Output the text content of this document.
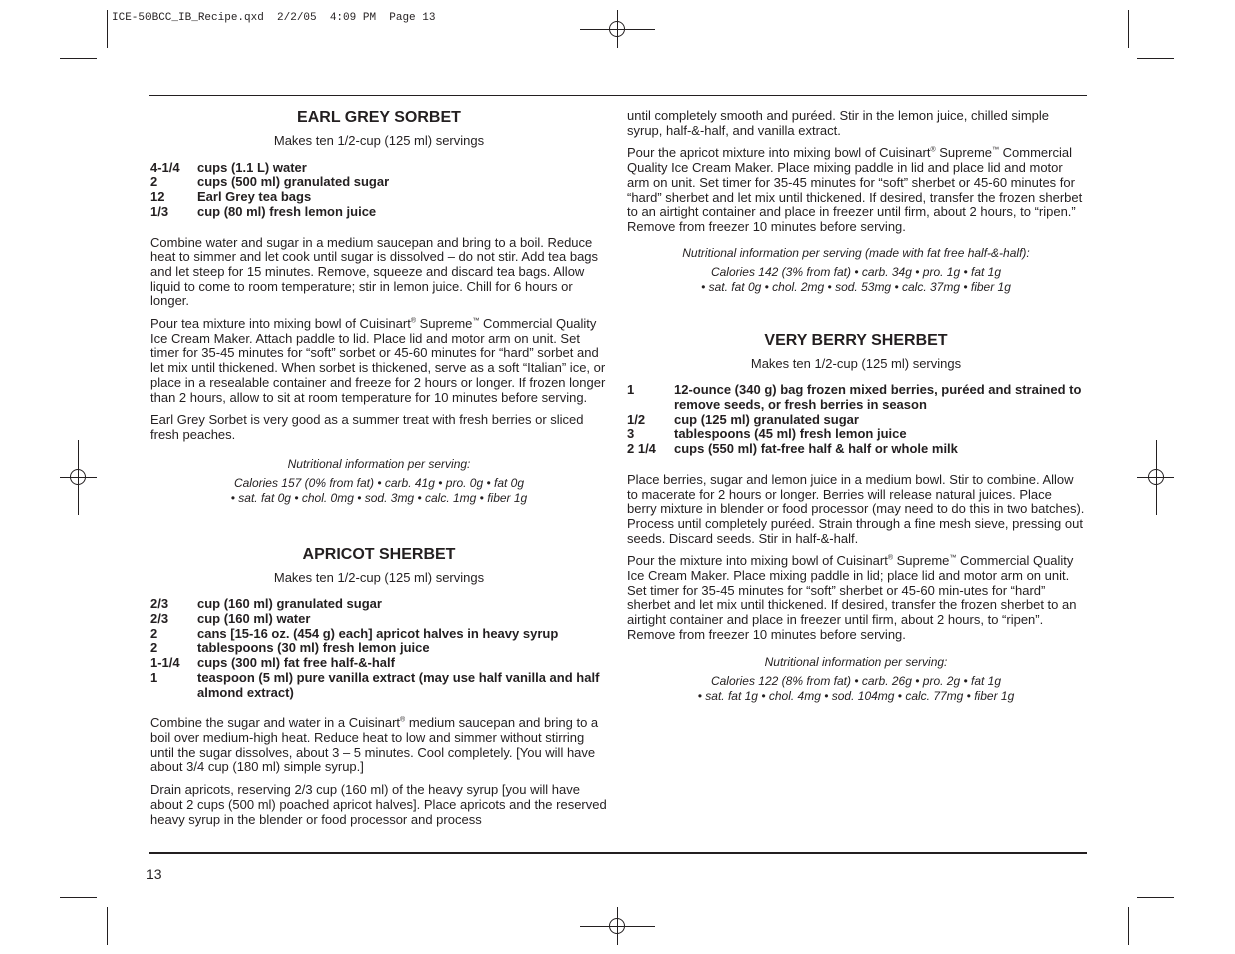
ICE-50BCC_IB_Recipe.qxd  2/2/05  4:09 PM  Page 13
EARL GREY SORBET
Makes ten 1/2-cup (125 ml) servings
4-1/4	cups (1.1 L) water
2	cups (500 ml) granulated sugar
12	Earl Grey tea bags
1/3	cup (80 ml) fresh lemon juice

Combine water and sugar in a medium saucepan and bring to a boil. Reduce heat to simmer and let cook until sugar is dissolved – do not stir. Add tea bags and let steep for 15 minutes. Remove, squeeze and discard tea bags. Allow liquid to come to room temperature; stir in lemon juice. Chill for 6 hours or longer.

Pour tea mixture into mixing bowl of Cuisinart® Supreme™ Commercial Quality Ice Cream Maker. Attach paddle to lid. Place lid and motor arm on unit. Set timer for 35-45 minutes for “soft” sorbet or 45-60 minutes for “hard” sorbet and let mix until thickened. When sorbet is thickened, serve as a soft “Italian” ice, or place in a resealable container and freeze for 2 hours or longer. If frozen longer than 2 hours, allow to sit at room temperature for 10 minutes before serving.

Earl Grey Sorbet is very good as a summer treat with fresh berries or sliced fresh peaches.

Nutritional information per serving:
Calories 157 (0% from fat) • carb. 41g • pro. 0g • fat 0g
• sat. fat 0g • chol. 0mg • sod. 3mg • calc. 1mg • fiber 1g
APRICOT SHERBET
Makes ten 1/2-cup (125 ml) servings
2/3	cup (160 ml) granulated sugar
2/3	cup (160 ml) water
2	cans [15-16 oz. (454 g) each] apricot halves in heavy syrup
2	tablespoons (30 ml) fresh lemon juice
1-1/4	cups (300 ml) fat free half-&-half
1	teaspoon (5 ml) pure vanilla extract (may use half vanilla and half almond extract)

Combine the sugar and water in a Cuisinart® medium saucepan and bring to a boil over medium-high heat. Reduce heat to low and simmer without stirring until the sugar dissolves, about 3 – 5 minutes. Cool completely. [You will have about 3/4 cup (180 ml) simple syrup.]

Drain apricots, reserving 2/3 cup (160 ml) of the heavy syrup [you will have about 2 cups (500 ml) poached apricot halves]. Place apricots and the reserved heavy syrup in the blender or food processor and process

until completely smooth and puréed. Stir in the lemon juice, chilled simple syrup, half-&-half, and vanilla extract.

Pour the apricot mixture into mixing bowl of Cuisinart® Supreme™ Commercial Quality Ice Cream Maker. Place mixing paddle in lid and place lid and motor arm on unit. Set timer for 35-45 minutes for “soft” sherbet or 45-60 minutes for “hard” sherbet and let mix until thickened. If desired, transfer the frozen sherbet to an airtight container and place in freezer until firm, about 2 hours, to “ripen.” Remove from freezer 10 minutes before serving.

Nutritional information per serving (made with fat free half-&-half):
Calories 142 (3% from fat) • carb. 34g • pro. 1g • fat 1g
• sat. fat 0g • chol. 2mg • sod. 53mg • calc. 37mg • fiber 1g
VERY BERRY SHERBET
Makes ten 1/2-cup (125 ml) servings
1	12-ounce (340 g) bag frozen mixed berries, puréed and strained to remove seeds, or fresh berries in season
1/2	cup (125 ml) granulated sugar
3	tablespoons (45 ml) fresh lemon juice
2 1/4	cups (550 ml) fat-free half & half or whole milk

Place berries, sugar and lemon juice in a medium bowl. Stir to combine. Allow to macerate for 2 hours or longer. Berries will release natural juices. Place berry mixture in blender or food processor (may need to do this in two batches). Process until completely puréed. Strain through a fine mesh sieve, pressing out seeds. Discard seeds. Stir in half-&-half.

Pour the mixture into mixing bowl of Cuisinart® Supreme™ Commercial Quality Ice Cream Maker. Place mixing paddle in lid; place lid and motor arm on unit. Set timer for 35-45 minutes for “soft” sherbet or 45-60 min-utes for “hard” sherbet and let mix until thickened. If desired, transfer the frozen sherbet to an airtight container and place in freezer until firm, about 2 hours, to “ripen”. Remove from freezer 10 minutes before serving.

Nutritional information per serving:
Calories 122 (8% from fat) • carb. 26g • pro. 2g • fat 1g
• sat. fat 1g • chol. 4mg • sod. 104mg • calc. 77mg • fiber 1g
13
